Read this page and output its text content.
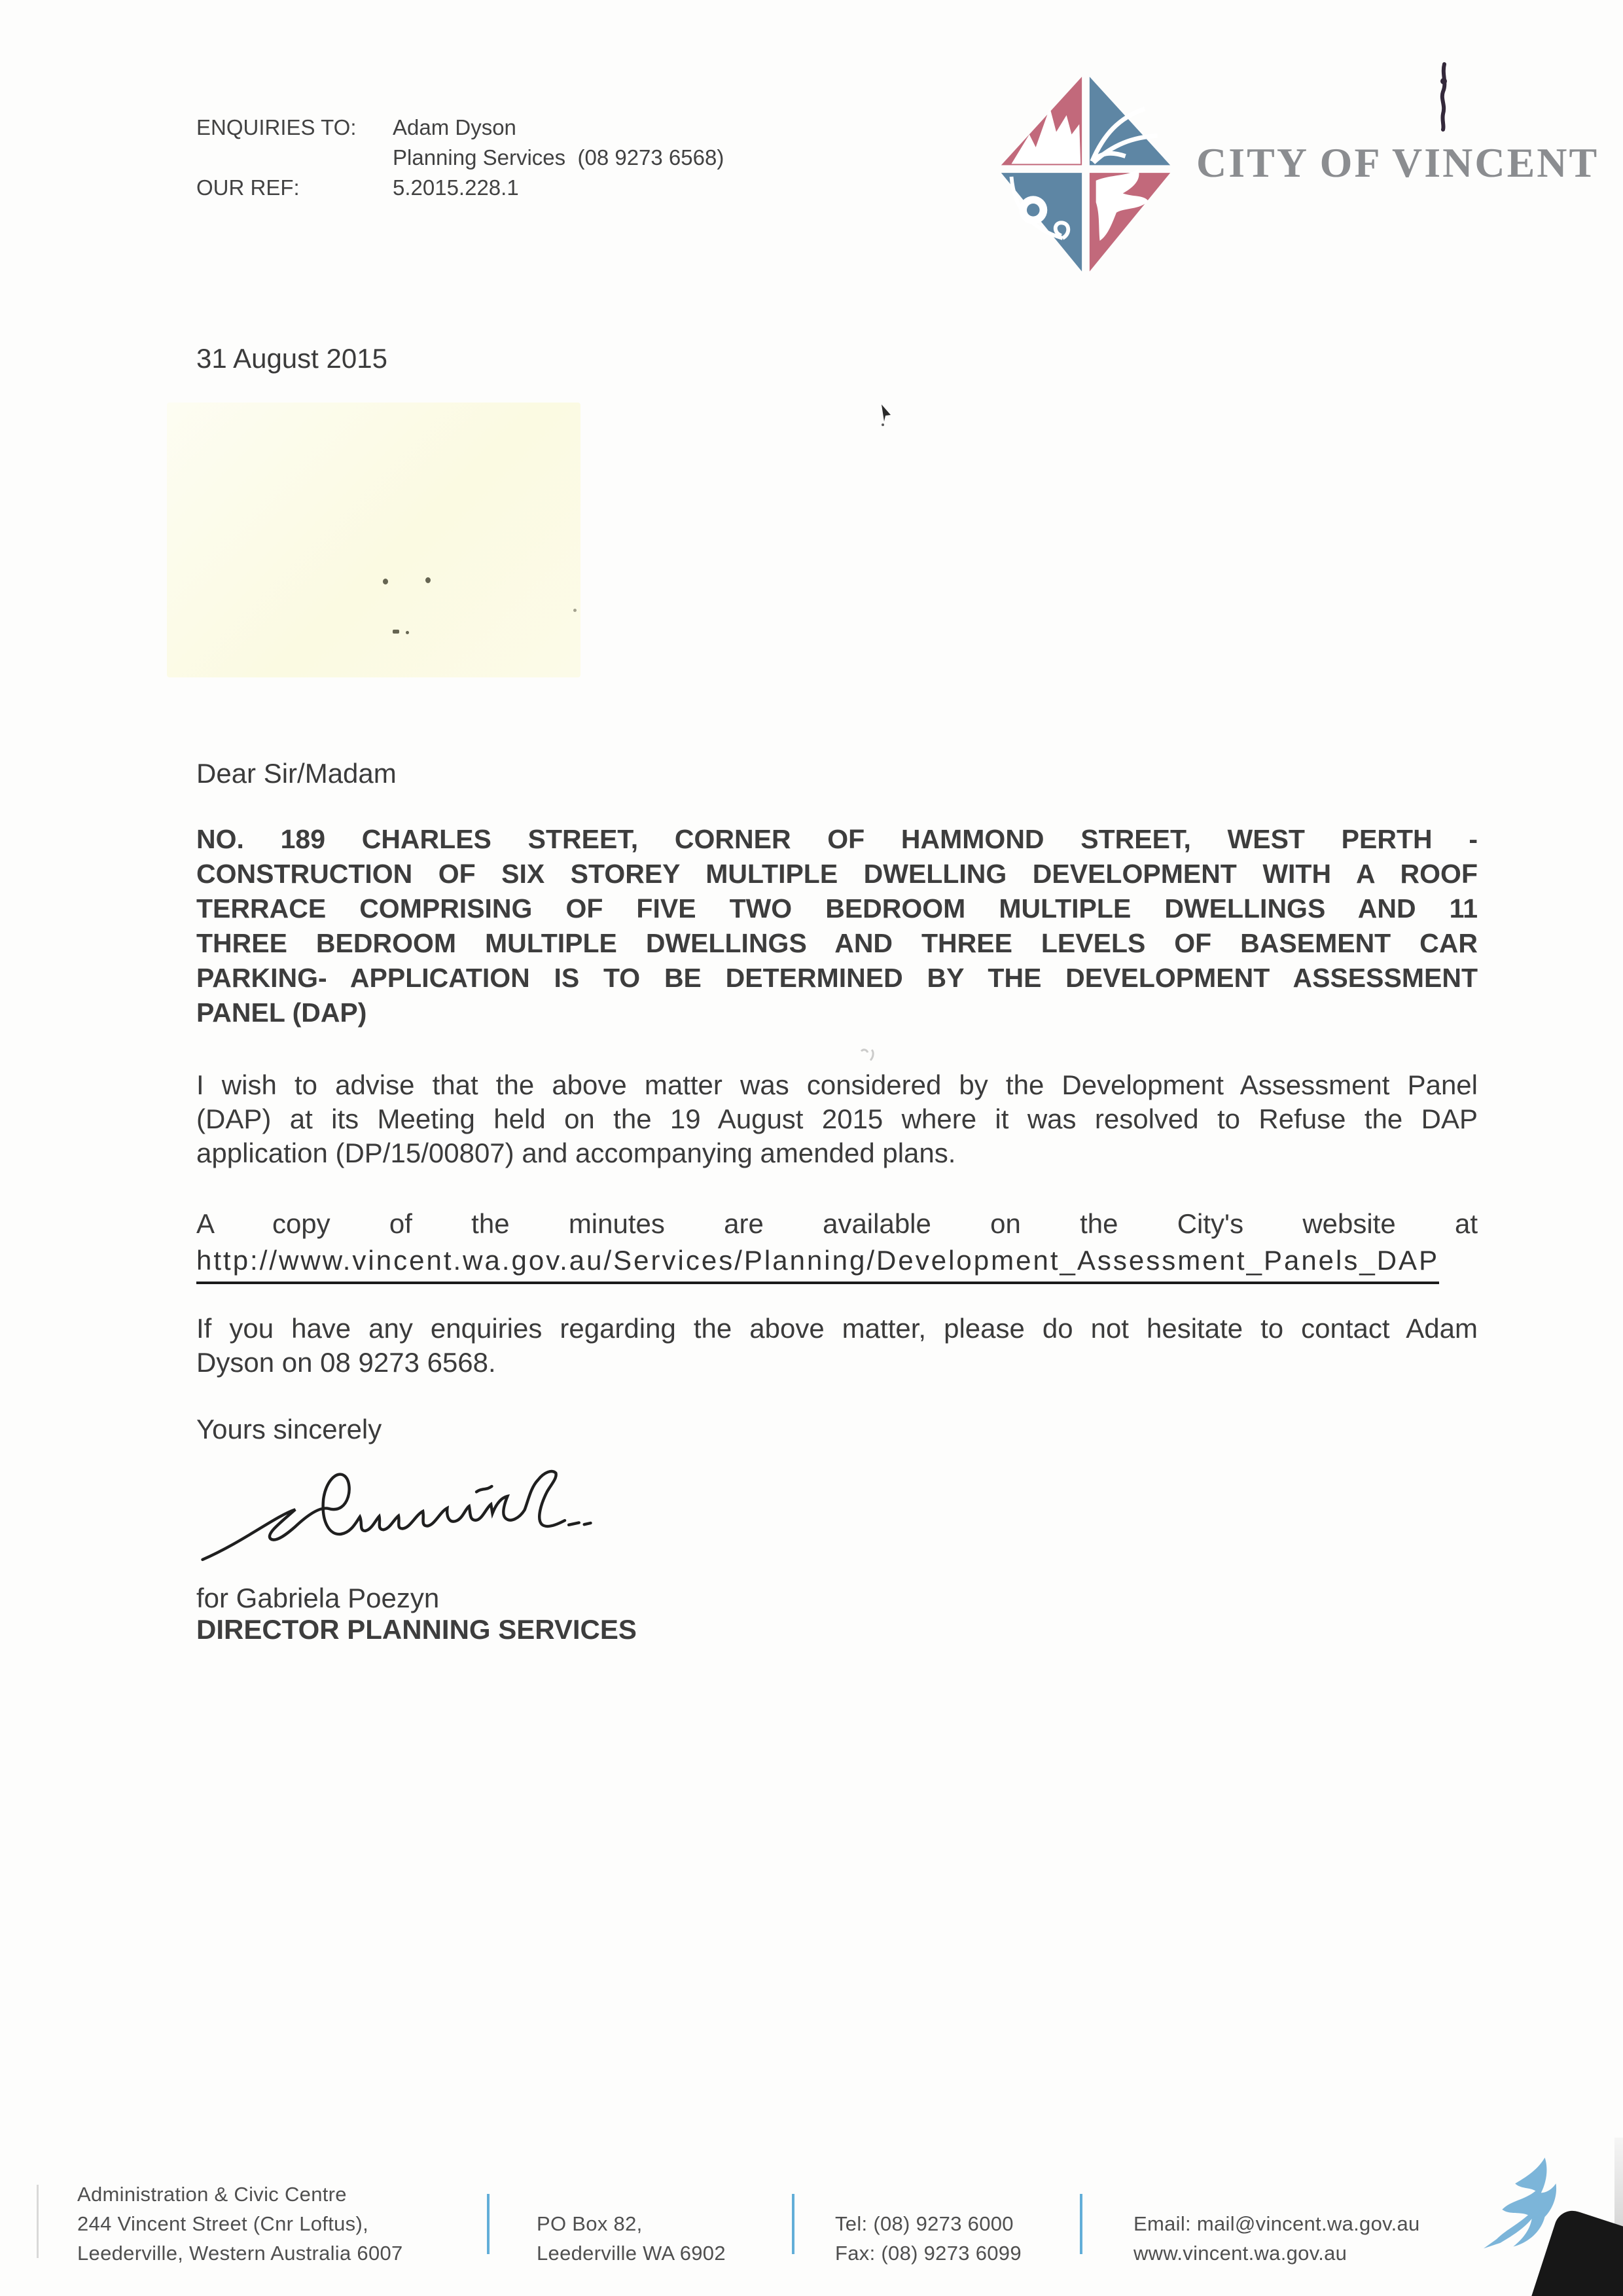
ENQUIRIES TO:	Adam Dyson
Planning Services  (08 9273 6568)
OUR REF:	5.2015.228.1
CITY OF VINCENT
31 August 2015
Dear Sir/Madam
NO. 189 CHARLES STREET, CORNER OF HAMMOND STREET, WEST PERTH -
CONSTRUCTION OF SIX STOREY MULTIPLE DWELLING DEVELOPMENT WITH A ROOF
TERRACE COMPRISING OF FIVE TWO BEDROOM MULTIPLE DWELLINGS AND 11
THREE BEDROOM MULTIPLE DWELLINGS AND THREE LEVELS OF BASEMENT CAR
PARKING- APPLICATION IS TO BE DETERMINED BY THE DEVELOPMENT ASSESSMENT
PANEL (DAP)
I wish to advise that the above matter was considered by the Development Assessment Panel
(DAP) at its Meeting held on the 19 August 2015 where it was resolved to Refuse the DAP
application (DP/15/00807) and accompanying amended plans.
A copy of the minutes are available on the City's website at
http://www.vincent.wa.gov.au/Services/Planning/Development_Assessment_Panels_DAP
If you have any enquiries regarding the above matter, please do not hesitate to contact Adam
Dyson on 08 9273 6568.
Yours sincerely
for Gabriela Poezyn
DIRECTOR PLANNING SERVICES
Administration & Civic Centre
244 Vincent Street (Cnr Loftus),
Leederville, Western Australia 6007
PO Box 82,
Leederville WA 6902
Tel: (08) 9273 6000
Fax: (08) 9273 6099
Email: mail@vincent.wa.gov.au
www.vincent.wa.gov.au
